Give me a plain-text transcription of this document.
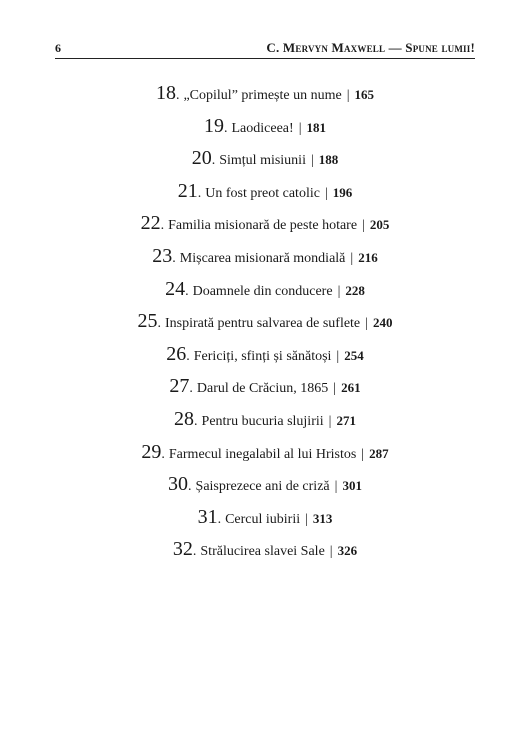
6	C. Mervyn Maxwell — Spune lumii!
18 . „Copilul” primește un nume | 165
19 . Laodiceea! | 181
20 . Simțul misiunii | 188
21 . Un fost preot catolic | 196
22 . Familia misionară de peste hotare | 205
23 . Mișcarea misionară mondială | 216
24 . Doamnele din conducere | 228
25 . Inspirată pentru salvarea de suflete | 240
26 . Fericiți, sfinți și sănătoși | 254
27 . Darul de Crăciun, 1865 | 261
28 . Pentru bucuria slujirii | 271
29 . Farmecul inegalabil al lui Hristos | 287
30 . Șaisprezece ani de criză | 301
31 . Cercul iubirii | 313
32 . Strălucirea slavei Sale | 326
